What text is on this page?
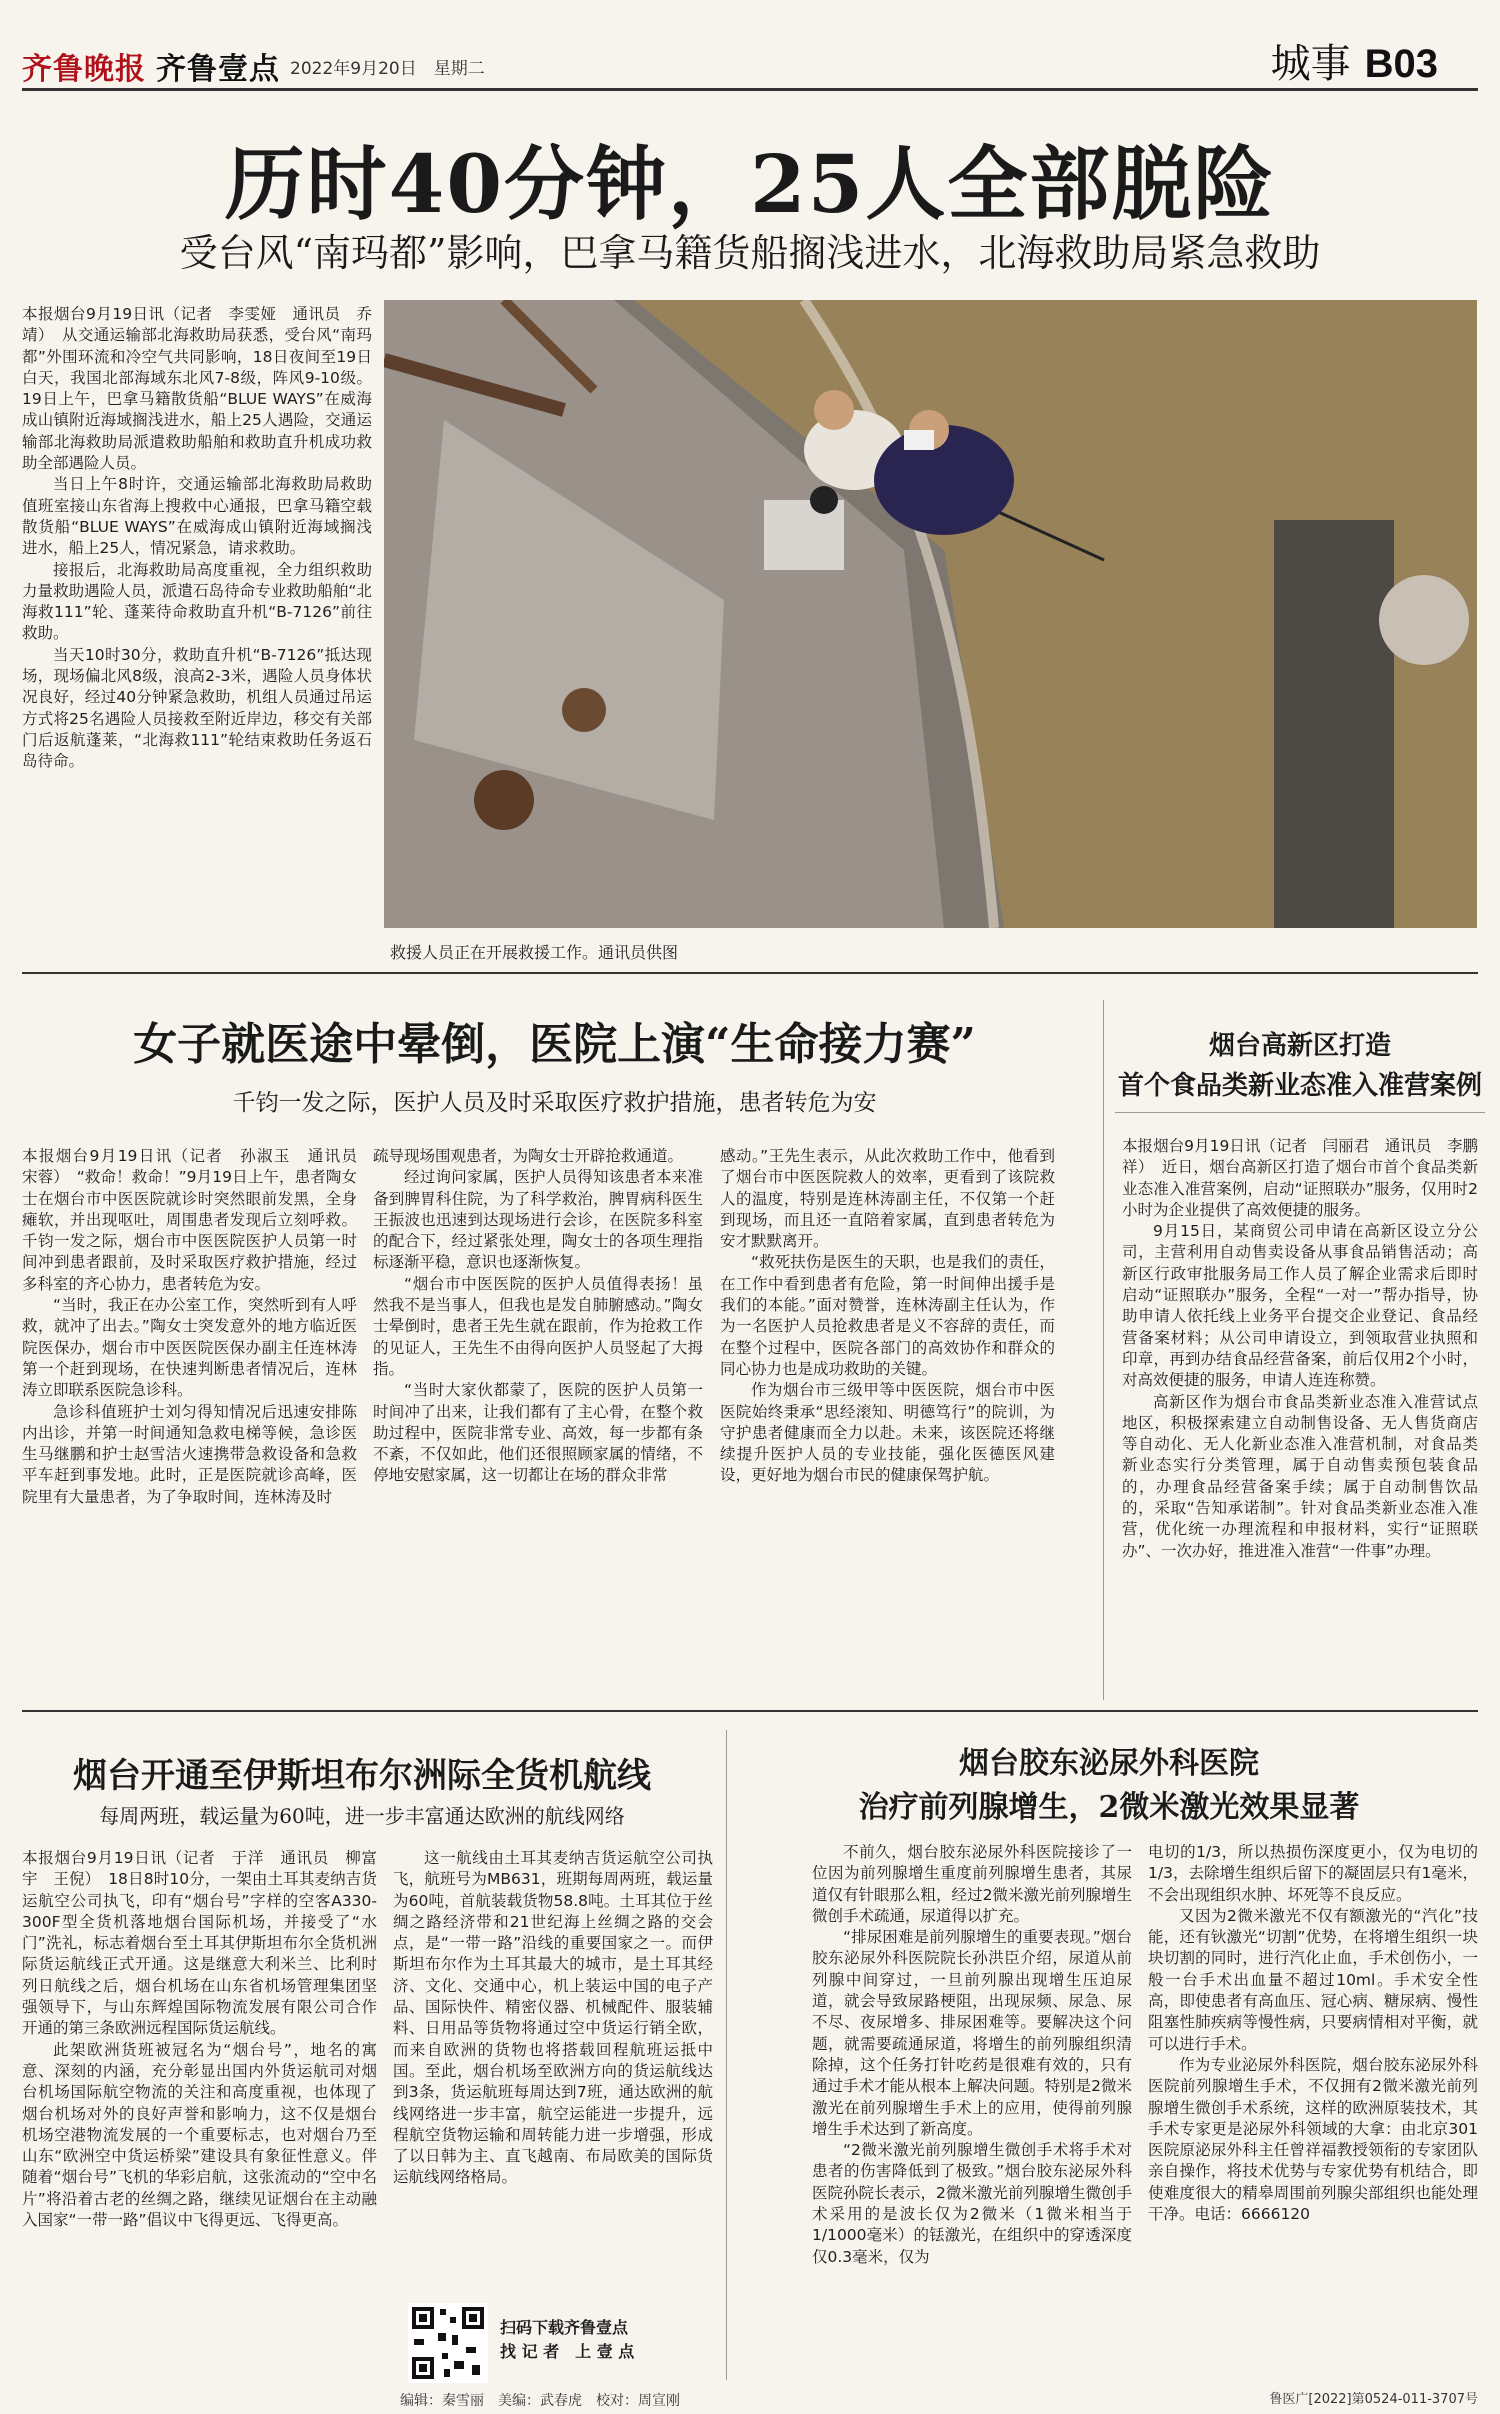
齐鲁晚报 齐鲁壹点 2022年9月20日　星期二	城事 B03
历时40分钟，25人全部脱险
受台风“南玛都”影响，巴拿马籍货船搁浅进水，北海救助局紧急救助

本报烟台9月19日讯（记者　李雯娅　通讯员　乔靖）　从交通运输部北海救助局获悉，受台风“南玛都”外围环流和冷空气共同影响，18日夜间至19日白天，我国北部海域东北风7-8级，阵风9-10级。19日上午，巴拿马籍散货船“BLUE WAYS”在威海成山镇附近海域搁浅进水，船上25人遇险，交通运输部北海救助局派遣救助船舶和救助直升机成功救助全部遇险人员。

当日上午8时许，交通运输部北海救助局救助值班室接山东省海上搜救中心通报，巴拿马籍空载散货船“BLUE WAYS”在威海成山镇附近海域搁浅进水，船上25人，情况紧急，请求救助。

接报后，北海救助局高度重视，全力组织救助力量救助遇险人员，派遣石岛待命专业救助船舶“北海救111”轮、蓬莱待命救助直升机“B-7126”前往救助。

当天10时30分，救助直升机“B-7126”抵达现场，现场偏北风8级，浪高2-3米，遇险人员身体状况良好，经过40分钟紧急救助，机组人员通过吊运方式将25名遇险人员接救至附近岸边，移交有关部门后返航蓬莱，“北海救111”轮结束救助任务返石岛待命。

救援人员正在开展救援工作。通讯员供图
女子就医途中晕倒，医院上演“生命接力赛”
千钧一发之际，医护人员及时采取医疗救护措施，患者转危为安

本报烟台9月19日讯（记者　孙淑玉　通讯员　宋蓉）　“救命！救命！”9月19日上午，患者陶女士在烟台市中医医院就诊时突然眼前发黑，全身瘫软，并出现呕吐，周围患者发现后立刻呼救。千钧一发之际，烟台市中医医院医护人员第一时间冲到患者跟前，及时采取医疗救护措施，经过多科室的齐心协力，患者转危为安。

“当时，我正在办公室工作，突然听到有人呼救，就冲了出去。”陶女士突发意外的地方临近医院医保办，烟台市中医医院医保办副主任连林涛第一个赶到现场，在快速判断患者情况后，连林涛立即联系医院急诊科。

急诊科值班护士刘匀得知情况后迅速安排陈内出诊，并第一时间通知急救电梯等候，急诊医生马继鹏和护士赵雪洁火速携带急救设备和急救平车赶到事发地。此时，正是医院就诊高峰，医院里有大量患者，为了争取时间，连林涛及时

疏导现场围观患者，为陶女士开辟抢救通道。

经过询问家属，医护人员得知该患者本来准备到脾胃科住院，为了科学救治，脾胃病科医生王振波也迅速到达现场进行会诊，在医院多科室的配合下，经过紧张处理，陶女士的各项生理指标逐渐平稳，意识也逐渐恢复。

“烟台市中医医院的医护人员值得表扬！虽然我不是当事人，但我也是发自肺腑感动。”陶女士晕倒时，患者王先生就在跟前，作为抢救工作的见证人，王先生不由得向医护人员竖起了大拇指。

“当时大家伙都蒙了，医院的医护人员第一时间冲了出来，让我们都有了主心骨，在整个救助过程中，医院非常专业、高效，每一步都有条不紊，不仅如此，他们还很照顾家属的情绪，不停地安慰家属，这一切都让在场的群众非常

感动。”王先生表示，从此次救助工作中，他看到了烟台市中医医院救人的效率，更看到了该院救人的温度，特别是连林涛副主任，不仅第一个赶到现场，而且还一直陪着家属，直到患者转危为安才默默离开。

“救死扶伤是医生的天职，也是我们的责任，在工作中看到患者有危险，第一时间伸出援手是我们的本能。”面对赞誉，连林涛副主任认为，作为一名医护人员抢救患者是义不容辞的责任，而在整个过程中，医院各部门的高效协作和群众的同心协力也是成功救助的关键。

作为烟台市三级甲等中医医院，烟台市中医医院始终秉承“思经滚知、明德笃行”的院训，为守护患者健康而全力以赴。未来，该医院还将继续提升医护人员的专业技能，强化医德医风建设，更好地为烟台市民的健康保驾护航。

烟台高新区打造
首个食品类新业态准入准营案例

本报烟台9月19日讯（记者　闫丽君　通讯员　李鹏祥）　近日，烟台高新区打造了烟台市首个食品类新业态准入准营案例，启动“证照联办”服务，仅用时2小时为企业提供了高效便捷的服务。

9月15日，某商贸公司申请在高新区设立分公司，主营利用自动售卖设备从事食品销售活动；高新区行政审批服务局工作人员了解企业需求后即时启动“证照联办”服务，全程“一对一”帮办指导，协助申请人依托线上业务平台提交企业登记、食品经营备案材料；从公司申请设立，到领取营业执照和印章，再到办结食品经营备案，前后仅用2个小时，对高效便捷的服务，申请人连连称赞。

高新区作为烟台市食品类新业态准入准营试点地区，积极探索建立自动制售设备、无人售货商店等自动化、无人化新业态准入准营机制，对食品类新业态实行分类管理，属于自动售卖预包装食品的，办理食品经营备案手续；属于自动制售饮品的，采取“告知承诺制”。针对食品类新业态准入准营，优化统一办理流程和申报材料，实行“证照联办”、一次办好，推进准入准营“一件事”办理。

烟台开通至伊斯坦布尔洲际全货机航线
每周两班，载运量为60吨，进一步丰富通达欧洲的航线网络

本报烟台9月19日讯（记者　于洋　通讯员　柳富宇　王倪）　18日8时10分，一架由土耳其麦纳吉货运航空公司执飞，印有“烟台号”字样的空客A330-300F型全货机落地烟台国际机场，并接受了“水门”洗礼，标志着烟台至土耳其伊斯坦布尔全货机洲际货运航线正式开通。这是继意大利米兰、比利时列日航线之后，烟台机场在山东省机场管理集团坚强领导下，与山东辉煌国际物流发展有限公司合作开通的第三条欧洲远程国际货运航线。

此架欧洲货班被冠名为“烟台号”，地名的寓意、深刻的内涵，充分彰显出国内外货运航司对烟台机场国际航空物流的关注和高度重视，也体现了烟台机场对外的良好声誉和影响力，这不仅是烟台机场空港物流发展的一个重要标志，也对烟台乃至山东“欧洲空中货运桥梁”建设具有象征性意义。伴随着“烟台号”飞机的华彩启航，这张流动的“空中名片”将沿着古老的丝绸之路，继续见证烟台在主动融入国家“一带一路”倡议中飞得更远、飞得更高。

这一航线由土耳其麦纳吉货运航空公司执飞，航班号为MB631，班期每周两班，载运量为60吨，首航装载货物58.8吨。土耳其位于丝绸之路经济带和21世纪海上丝绸之路的交会点，是“一带一路”沿线的重要国家之一。而伊斯坦布尔作为土耳其最大的城市，是土耳其经济、文化、交通中心，机上装运中国的电子产品、国际快件、精密仪器、机械配件、服装辅料、日用品等货物将通过空中货运行销全欧，而来自欧洲的货物也将搭载回程航班运抵中国。至此，烟台机场至欧洲方向的货运航线达到3条，货运航班每周达到7班，通达欧洲的航线网络进一步丰富，航空运能进一步提升，远程航空货物运输和周转能力进一步增强，形成了以日韩为主、直飞越南、布局欧美的国际货运航线网络格局。

扫码下载齐鲁壹点
找 记 者　上 壹 点
编辑：秦雪丽　美编：武春虎　校对：周宣刚
烟台胶东泌尿外科医院
治疗前列腺增生，2微米激光效果显著

不前久，烟台胶东泌尿外科医院接诊了一位因为前列腺增生重度前列腺增生患者，其尿道仅有针眼那么粗，经过2微米激光前列腺增生微创手术疏通，尿道得以扩充。

“排尿困难是前列腺增生的重要表现。”烟台胶东泌尿外科医院院长孙洪臣介绍，尿道从前列腺中间穿过，一旦前列腺出现增生压迫尿道，就会导致尿路梗阻，出现尿频、尿急、尿不尽、夜尿增多、排尿困难等。要解决这个问题，就需要疏通尿道，将增生的前列腺组织清除掉，这个任务打针吃药是很难有效的，只有通过手术才能从根本上解决问题。特别是2微米激光在前列腺增生手术上的应用，使得前列腺增生手术达到了新高度。

“2微米激光前列腺增生微创手术将手术对患者的伤害降低到了极致。”烟台胶东泌尿外科医院孙院长表示，2微米激光前列腺增生微创手术采用的是波长仅为2微米（1微米相当于1/1000毫米）的铥激光，在组织中的穿透深度仅0.3毫米，仅为

电切的1/3，所以热损伤深度更小，仅为电切的1/3，去除增生组织后留下的凝固层只有1毫米，不会出现组织水肿、坏死等不良反应。

又因为2微米激光不仅有额激光的“汽化”技能，还有钬激光“切割”优势，在将增生组织一块块切割的同时，进行汽化止血，手术创伤小，一般一台手术出血量不超过10ml。手术安全性高，即使患者有高血压、冠心病、糖尿病、慢性阻塞性肺疾病等慢性病，只要病情相对平衡，就可以进行手术。

作为专业泌尿外科医院，烟台胶东泌尿外科医院前列腺增生手术，不仅拥有2微米激光前列腺增生微创手术系统，这样的欧洲原装技术，其手术专家更是泌尿外科领域的大拿：由北京301医院原泌尿外科主任曾祥福教授领衔的专家团队亲自操作，将技术优势与专家优势有机结合，即使难度很大的精皋周围前列腺尖部组织也能处理干净。电话：6666120

鲁医广[2022]第0524-011-3707号
